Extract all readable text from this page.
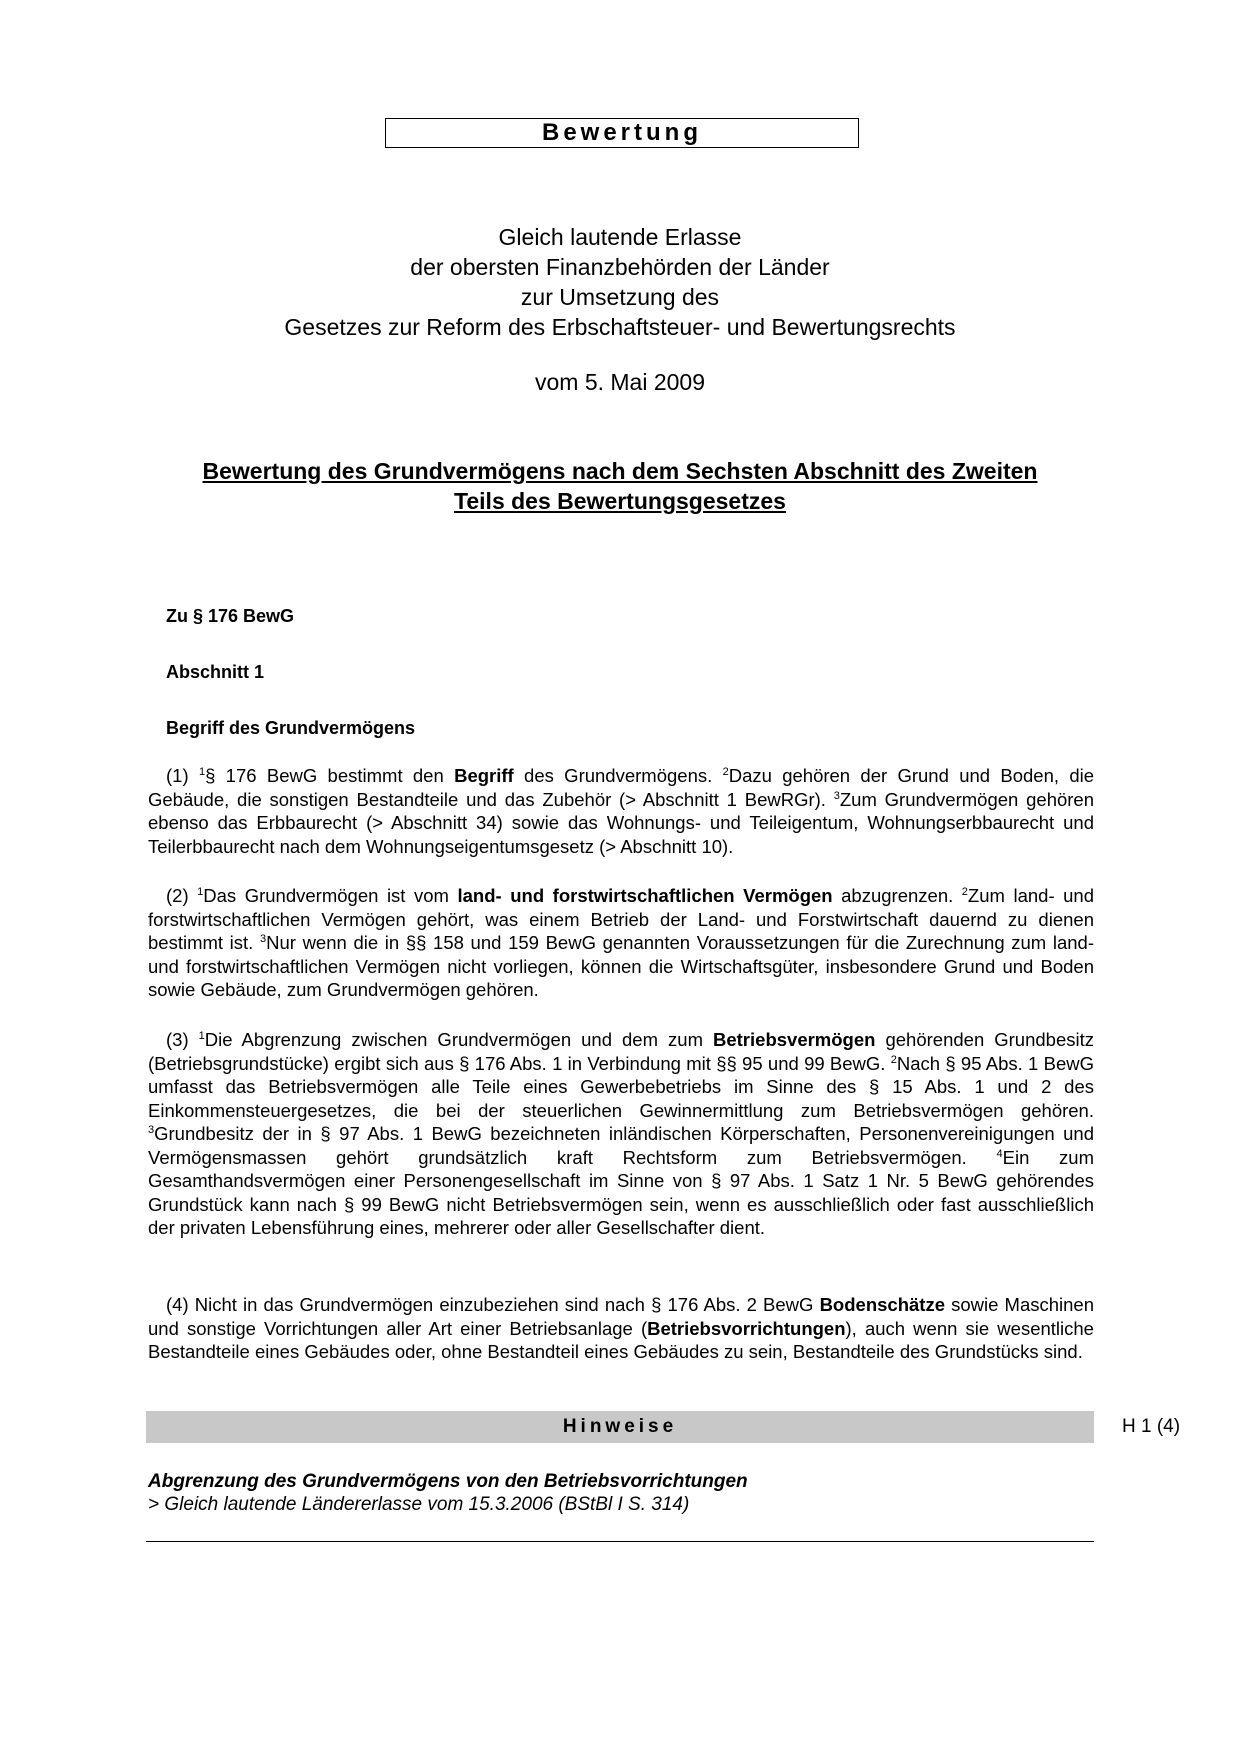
Bewertung
Gleich lautende Erlasse
der obersten Finanzbehörden der Länder
zur Umsetzung des
Gesetzes zur Reform des Erbschaftsteuer- und Bewertungsrechts
vom 5. Mai 2009
Bewertung des Grundvermögens nach dem Sechsten Abschnitt des Zweiten
Teils des Bewertungsgesetzes
Zu § 176 BewG
Abschnitt 1
Begriff des Grundvermögens

(1) $^1$§ 176 BewG bestimmt den Begriff des Grundvermögens. $^2$Dazu gehören der Grund und Boden, die Gebäude, die sonstigen Bestandteile und das Zubehör (> Abschnitt 1 BewRGr). $^3$Zum Grundvermögen gehören ebenso das Erbbaurecht (> Abschnitt 34) sowie das Wohnungs- und Teileigentum, Wohnungserbbaurecht und Teilerbbaurecht nach dem Wohnungseigentumsgesetz (> Abschnitt 10).

(2) $^1$Das Grundvermögen ist vom land- und forstwirtschaftlichen Vermögen abzugrenzen. $^2$Zum land- und forstwirtschaftlichen Vermögen gehört, was einem Betrieb der Land- und Forstwirtschaft dauernd zu dienen bestimmt ist. $^3$Nur wenn die in §§ 158 und 159 BewG genannten Voraussetzungen für die Zurechnung zum land- und forstwirtschaftlichen Vermögen nicht vorliegen, können die Wirtschaftsgüter, insbesondere Grund und Boden sowie Gebäude, zum Grundvermögen gehören.

(3) $^1$Die Abgrenzung zwischen Grundvermögen und dem zum Betriebsvermögen gehörenden Grundbesitz (Betriebsgrundstücke) ergibt sich aus § 176 Abs. 1 in Verbindung mit §§ 95 und 99 BewG. $^2$Nach § 95 Abs. 1 BewG umfasst das Betriebsvermögen alle Teile eines Gewerbebetriebs im Sinne des § 15 Abs. 1 und 2 des Einkommensteuergesetzes, die bei der steuerlichen Gewinnermittlung zum Betriebsvermögen gehören. $^3$Grundbesitz der in § 97 Abs. 1 BewG bezeichneten inländischen Körperschaften, Personenvereinigungen und Vermögensmassen gehört grundsätzlich kraft Rechtsform zum Betriebsvermögen. $^4$Ein zum Gesamthandsvermögen einer Personengesellschaft im Sinne von § 97 Abs. 1 Satz 1 Nr. 5 BewG gehörendes Grundstück kann nach § 99 BewG nicht Betriebsvermögen sein, wenn es ausschließlich oder fast ausschließlich der privaten Lebensführung eines, mehrerer oder aller Gesellschafter dient.

(4) Nicht in das Grundvermögen einzubeziehen sind nach § 176 Abs. 2 BewG Bodenschätze sowie Maschinen und sonstige Vorrichtungen aller Art einer Betriebsanlage (Betriebsvorrichtungen), auch wenn sie wesentliche Bestandteile eines Gebäudes oder, ohne Bestandteil eines Gebäudes zu sein, Bestandteile des Grundstücks sind.

Hinweise	H 1 (4)
Abgrenzung des Grundvermögens von den Betriebsvorrichtungen
> Gleich lautende Ländererlasse vom 15.3.2006 (BStBl I S. 314)
